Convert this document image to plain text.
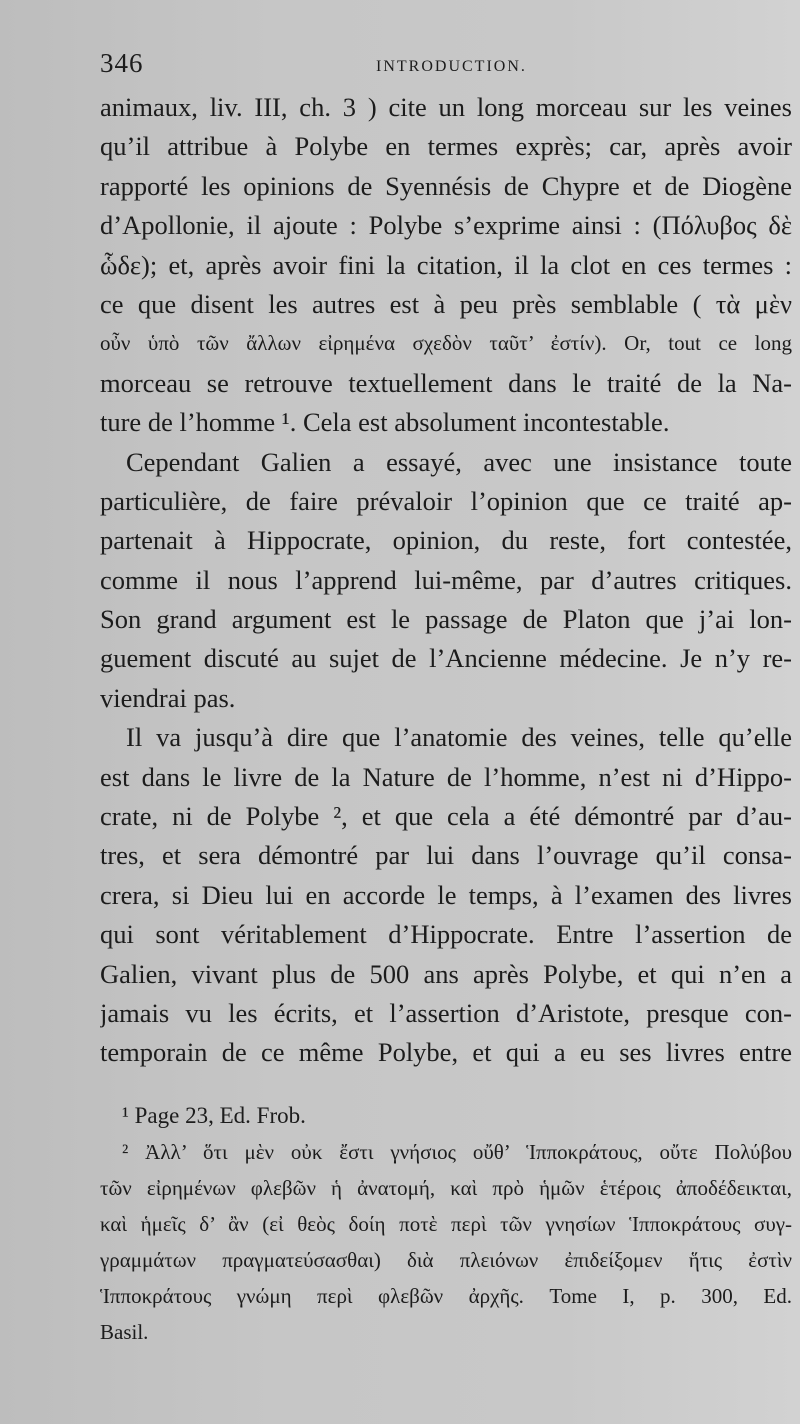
346	INTRODUCTION.
animaux, liv. III, ch. 3 ) cite un long morceau sur les veines
qu’il attribue à Polybe en termes exprès; car, après avoir
rapporté les opinions de Syennésis de Chypre et de Diogène
d’Apollonie, il ajoute : Polybe s’exprime ainsi : (Πόλυβος δὲ
ὧδε); et, après avoir fini la citation, il la clot en ces termes :
ce que disent les autres est à peu près semblable ( τὰ μὲν
οὖν ὑπὸ τῶν ἄλλων εἰρημένα σχεδὸν ταῦτ’ ἐστίν). Or, tout ce long
morceau se retrouve textuellement dans le traité de la Na-
ture de l’homme ¹. Cela est absolument incontestable.
Cependant Galien a essayé, avec une insistance toute
particulière, de faire prévaloir l’opinion que ce traité ap-
partenait à Hippocrate, opinion, du reste, fort contestée,
comme il nous l’apprend lui-même, par d’autres critiques.
Son grand argument est le passage de Platon que j’ai lon-
guement discuté au sujet de l’Ancienne médecine. Je n’y re-
viendrai pas.
Il va jusqu’à dire que l’anatomie des veines, telle qu’elle
est dans le livre de la Nature de l’homme, n’est ni d’Hippo-
crate, ni de Polybe ², et que cela a été démontré par d’au-
tres, et sera démontré par lui dans l’ouvrage qu’il consa-
crera, si Dieu lui en accorde le temps, à l’examen des livres
qui sont véritablement d’Hippocrate. Entre l’assertion de
Galien, vivant plus de 500 ans après Polybe, et qui n’en a
jamais vu les écrits, et l’assertion d’Aristote, presque con-
temporain de ce même Polybe, et qui a eu ses livres entre
¹ Page 23, Ed. Frob.
² Ἀλλ’ ὅτι μὲν οὐκ ἔστι γνήσιος οὔθ’ Ἱπποκράτους, οὔτε Πολύβου
τῶν εἰρημένων φλεβῶν ἡ ἀνατομή, καὶ πρὸ ἡμῶν ἑτέροις ἀποδέδεικται,
καὶ ἡμεῖς δ’ ἂν (εἰ θεὸς δοίη ποτὲ περὶ τῶν γνησίων Ἱπποκράτους συγ-
γραμμάτων πραγματεύσασθαι) διὰ πλειόνων ἐπιδείξομεν ἥτις ἐστὶν
Ἱπποκράτους γνώμη περὶ φλεβῶν ἀρχῆς. Tome I, p. 300, Ed.
Basil.
